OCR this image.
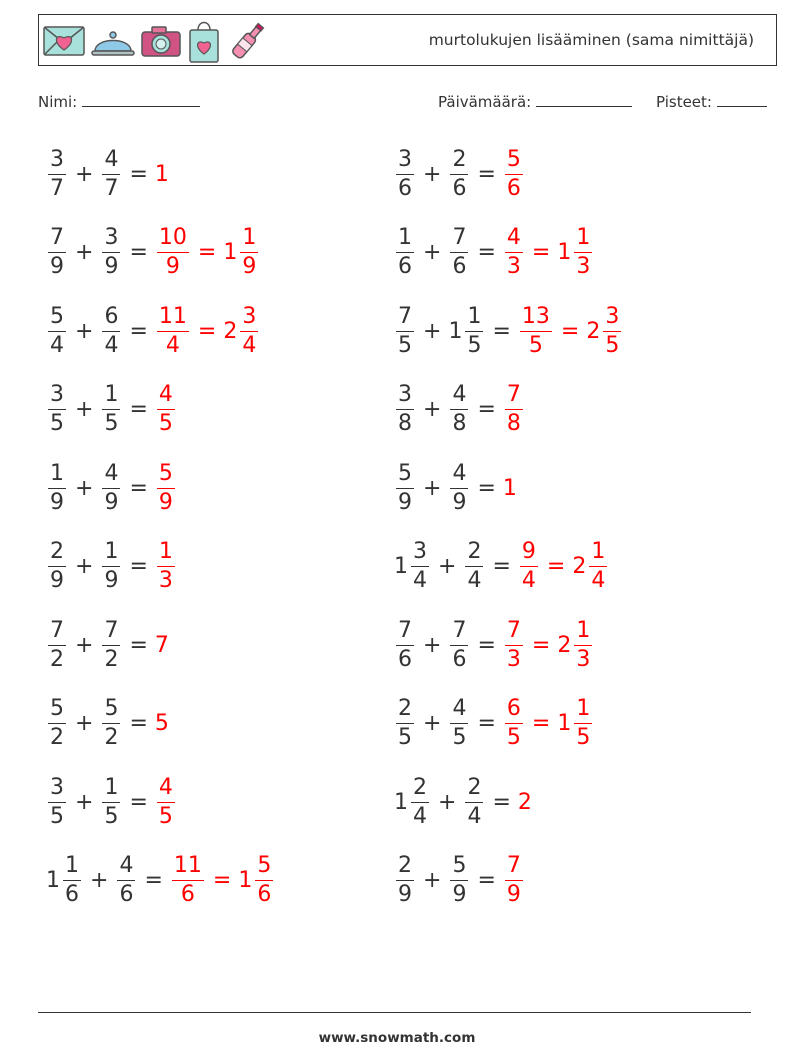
murtolukujen lisääminen (sama nimittäjä)
Nimi:	Päivämäärä:	Pisteet:
$\frac{3}{7} + \frac{4}{7} = 1$	$\frac{3}{6} + \frac{2}{6} = \frac{5}{6}$
$\frac{7}{9} + \frac{3}{9} = \frac{10}{9} = 1 \frac{1}{9}$	$\frac{1}{6} + \frac{7}{6} = \frac{4}{3} = 1 \frac{1}{3}$
$\frac{5}{4} + \frac{6}{4} = \frac{11}{4} = 2 \frac{3}{4}$	$\frac{7}{5} + 1 \frac{1}{5} = \frac{13}{5} = 2 \frac{3}{5}$
$\frac{3}{5} + \frac{1}{5} = \frac{4}{5}$	$\frac{3}{8} + \frac{4}{8} = \frac{7}{8}$
$\frac{1}{9} + \frac{4}{9} = \frac{5}{9}$	$\frac{5}{9} + \frac{4}{9} = 1$
$\frac{2}{9} + \frac{1}{9} = \frac{1}{3}$	$1 \frac{3}{4} + \frac{2}{4} = \frac{9}{4} = 2 \frac{1}{4}$
$\frac{7}{2} + \frac{7}{2} = 7$	$\frac{7}{6} + \frac{7}{6} = \frac{7}{3} = 2 \frac{1}{3}$
$\frac{5}{2} + \frac{5}{2} = 5$	$\frac{2}{5} + \frac{4}{5} = \frac{6}{5} = 1 \frac{1}{5}$
$\frac{3}{5} + \frac{1}{5} = \frac{4}{5}$	$1 \frac{2}{4} + \frac{2}{4} = 2$
$1 \frac{1}{6} + \frac{4}{6} = \frac{11}{6} = 1 \frac{5}{6}$	$\frac{2}{9} + \frac{5}{9} = \frac{7}{9}$
www.snowmath.com
